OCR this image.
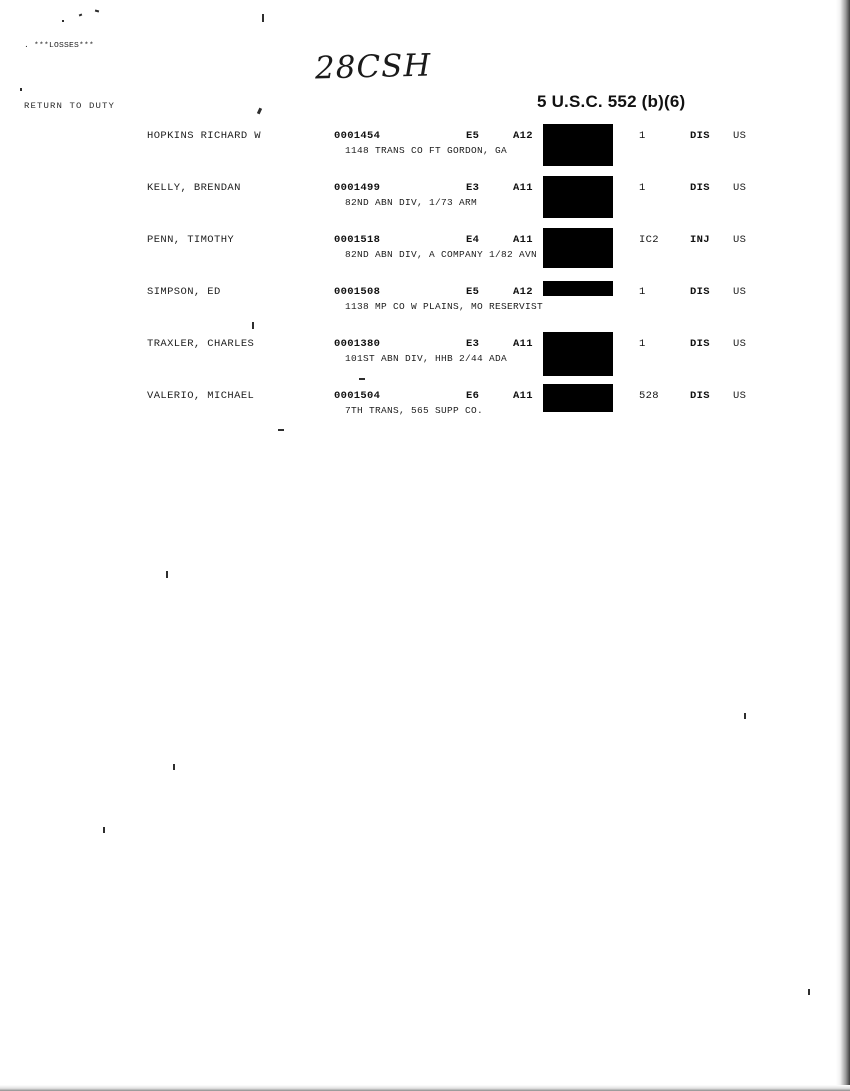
. ***LOSSES***
RETURN TO DUTY
28CSH
5 U.S.C. 552 (b)(6)
HOPKINS RICHARD W	0001454	E5	A12	1	DIS US
1148 TRANS CO FT GORDON, GA
KELLY, BRENDAN	0001499	E3	A11	1	DIS US
82ND ABN DIV, 1/73 ARM
PENN, TIMOTHY	0001518	E4	A11	IC2	INJ US
82ND ABN DIV, A COMPANY 1/82 AVN
SIMPSON, ED	0001508	E5	A12	1	DIS US
1138 MP CO W PLAINS, MO RESERVIST
TRAXLER, CHARLES	0001380	E3	A11	1	DIS US
101ST ABN DIV, HHB 2/44 ADA
VALERIO, MICHAEL	0001504	E6	A11	528	DIS US
7TH TRANS, 565 SUPP CO.
